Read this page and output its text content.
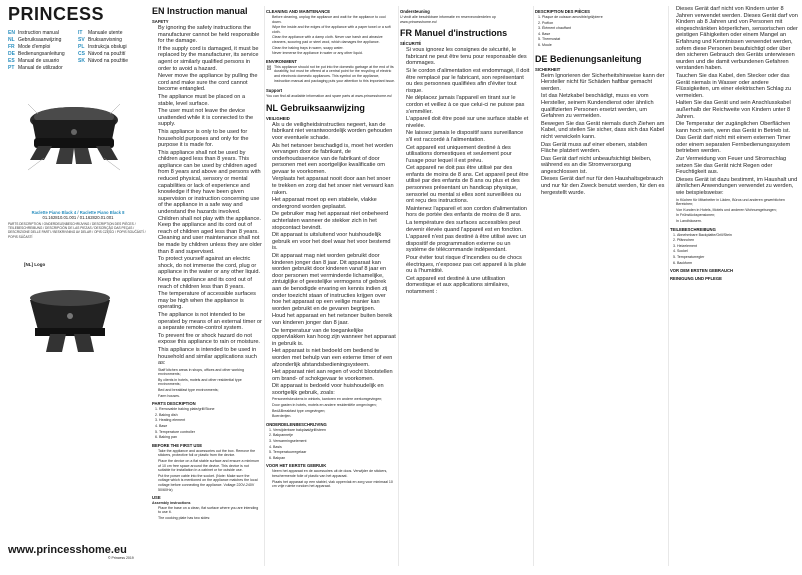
PRINCESS
EN Instruction manual	IT Manuale utente
NL Gebruiksaanwijzing	SV Bruksanvisning
FR Mode d'emploi	PL Instrukcja obsługi
DE Bedienungsanleitung	CS Návod na použití
ES Manual de usuario	SK Návod na použitie
PT Manual de utilizador
Raclette Piano Black 4 / Raclette Piano Black 8
01.162810.01.001 / 01.162820.01.001
PARTS DESCRIPTION / ONDERDELENBESCHRIJVING / DESCRIPTION DES PIÈCES / TEILEBESCHREIBUNG / DESCRIPCIÓN DE LAS PIEZAS / DESCRIÇÃO DAS PEÇAS / DESCRIZIONE DELLE PARTI / BESKRIVNING AV DELAR / OPIS CZĘŚCI / POPIS SOUČÁSTÍ / POPIS SÚČASTÍ
[NL] Logo
www.princesshome.eu
© Princess 2019
EN Instruction manual
SAFETY
• By ignoring the safety instructions the manufacturer cannot be held responsible for the damage.
• If the supply cord is damaged, it must be replaced by the manufacturer, its service agent or similarly qualified persons in order to avoid a hazard.
• Never move the appliance by pulling the cord and make sure the cord cannot become entangled.
• The appliance must be placed on a stable, level surface.
• The user must not leave the device unattended while it is connected to the supply.
• This appliance is only to be used for household purposes and only for the purpose it is made for.
• This appliance shall not be used by children aged less than 8 years. This appliance can be used by children aged from 8 years and above and persons with reduced physical, sensory or mental capabilities or lack of experience and knowledge if they have been given supervision or instruction concerning use of the appliance in a safe way and understand the hazards involved. Children shall not play with the appliance. Keep the appliance and its cord out of reach of children aged less than 8 years. Cleaning and user maintenance shall not be made by children unless they are older than 8 and supervised.
• To protect yourself against an electric shock, do not immerse the cord, plug or appliance in the water or any other liquid.
• Keep the appliance and its cord out of reach of children less than 8 years.
• The temperature of accessible surfaces may be high when the appliance is operating.
• The appliance is not intended to be operated by means of an external timer or a separate remote-control system.
• To prevent fire or shock hazard do not expose this appliance to rain or moisture.
• This appliance is intended to be used in household and similar applications such as:
• Staff kitchen areas in shops, offices and other working environments;
• By clients in hotels, motels and other residential type environments;
• Bed and breakfast type environments;
• Farm houses.
PARTS DESCRIPTION
1. Removable baking plate/grill/Stone
2. Baking dish
3. Heating element
4. Base
5. Temperature controller
6. Baking pan
BEFORE THE FIRST USE
• Take the appliance and accessories out the box. Remove the stickers, protective foil or plastic from the device.
• Place the device on a flat stable surface and ensure a minimum of 10 cm free space around the device. This device is not suitable for installation in a cabinet or for outside use.
• Put the power cable into the socket. (Note: Make sure the voltage which is mentioned on the appliance matches the local voltage before connecting the appliance. Voltage 220V-240V 50/60Hz)
USE
Assembly instructions
• Place the base on a clean, flat surface where you are intending to use it.
• The cooking plate has two sides:
CLEANING AND MAINTENANCE
• Before cleaning, unplug the appliance and wait for the appliance to cool down.
• Wipe the inside and the edges of the appliance with a paper towel or a soft cloth.
• Clean the appliance with a damp cloth. Never use harsh and abrasive cleaners, scouring pad or steel wool, which damages the appliance.
• Clean the baking trays in warm, soapy water.
• Never immerse the appliance in water or any other liquid.
ENVIRONMENT

This appliance should not be put into the domestic garbage at the end of its durability, but must be offered at a central point for the recycling of electric and electronic domestic appliances. This symbol on the appliance, instruction manual and packaging puts your attention to this important issue.

Support

You can find all available information and spare parts at www.princesshome.eu!

NL Gebruiksaanwijzing
VEILIGHEID
• Als u de veiligheidsinstructies negeert, kan de fabrikant niet verantwoordelijk worden gehouden voor eventuele schade.
• Als het netsnoer beschadigd is, moet het worden vervangen door de fabrikant, de onderhoudsservice van de fabrikant of door personen met een soortgelijke kwalificatie om gevaar te voorkomen.
• Verplaats het apparaat nooit door aan het snoer te trekken en zorg dat het snoer niet verward kan raken.
• Het apparaat moet op een stabiele, vlakke ondergrond worden geplaatst.
• De gebruiker mag het apparaat niet onbeheerd achterlaten wanneer de stekker zich in het stopcontact bevindt.
• Dit apparaat is uitsluitend voor huishoudelijk gebruik en voor het doel waar het voor bestemd is.
• Dit apparaat mag niet worden gebruikt door kinderen jonger dan 8 jaar. Dit apparaat kan worden gebruikt door kinderen vanaf 8 jaar en door personen met verminderde lichamelijke, zintuiglijke of geestelijke vermogens of gebrek aan de benodigde ervaring en kennis indien zij onder toezicht staan of instructies krijgen over hoe het apparaat op een veilige manier kan worden gebruikt en de gevaren begrijpen.
• Houd het apparaat en het netsnoer buiten bereik van kinderen jonger dan 8 jaar.
• De temperatuur van de toegankelijke oppervlakken kan hoog zijn wanneer het apparaat in gebruik is.
• Het apparaat is niet bedoeld om bediend te worden met behulp van een externe timer of een afzonderlijk afstandsbedieningsysteem.
• Het apparaat niet aan regen of vocht blootstellen om brand- of schokgevaar te voorkomen.
• Dit apparaat is bedoeld voor huishoudelijk en soortgelijk gebruik, zoals:
• Personeelskeukens in winkels, kantoren en andere werkomgevingen;
• Door gasten in hotels, motels en andere residentiële omgevingen;
• Bed&Breakfast type omgevingen;
• Boerderijen.
ONDERDELENBESCHRIJVING
1. Verwijderbare bakplaat/grill/steen
2. Bakpannetje
3. Verwarmingselement
4. Basis
5. Temperatuurregelaar
6. Bakpan
VOOR HET EERSTE GEBRUIK
• Neem het apparaat en de accessoires uit de doos. Verwijder de stickers, beschermende folie of plastic van het apparaat.
• Plaats het apparaat op een stabiel, vlak oppervlak en zorg voor minimaal 10 cm vrije ruimte rondom het apparaat.
Ondersteuning

U vindt alle beschikbare informatie en reserveonderdelen op www.princesshome.eu!

FR Manuel d'instructions
SÉCURITÉ
• Si vous ignorez les consignes de sécurité, le fabricant ne peut être tenu pour responsable des dommages.
• Si le cordon d'alimentation est endommagé, il doit être remplacé par le fabricant, son représentant ou des personnes qualifiées afin d'éviter tout risque.
• Ne déplacez jamais l'appareil en tirant sur le cordon et veillez à ce que celui-ci ne puisse pas s'emmêler.
• L'appareil doit être posé sur une surface stable et nivelée.
• Ne laissez jamais le dispositif sans surveillance s'il est raccordé à l'alimentation.
• Cet appareil est uniquement destiné à des utilisations domestiques et seulement pour l'usage pour lequel il est prévu.
• Cet appareil ne doit pas être utilisé par des enfants de moins de 8 ans. Cet appareil peut être utilisé par des enfants de 8 ans ou plus et des personnes présentant un handicap physique, sensoriel ou mental si elles sont surveillées ou ont reçu des instructions.
• Maintenez l'appareil et son cordon d'alimentation hors de portée des enfants de moins de 8 ans.
• La température des surfaces accessibles peut devenir élevée quand l'appareil est en fonction.
• L'appareil n'est pas destiné à être utilisé avec un dispositif de programmation externe ou un système de télécommande indépendant.
• Pour éviter tout risque d'incendies ou de chocs électriques, n'exposez pas cet appareil à la pluie ou à l'humidité.
• Cet appareil est destiné à une utilisation domestique et aux applications similaires, notamment :
DESCRIPTION DES PIÈCES
1. Plaque de cuisson amovible/gril/pierre
2. Poêlon
3. Élément chauffant
4. Base
5. Thermostat
6. Moule
DE Bedienungsanleitung
SICHERHEIT
• Beim Ignorieren der Sicherheitshinweise kann der Hersteller nicht für Schäden haftbar gemacht werden.
• Ist das Netzkabel beschädigt, muss es vom Hersteller, seinem Kundendienst oder ähnlich qualifizierten Personen ersetzt werden, um Gefahren zu vermeiden.
• Bewegen Sie das Gerät niemals durch Ziehen am Kabel, und stellen Sie sicher, dass sich das Kabel nicht verwickeln kann.
• Das Gerät muss auf einer ebenen, stabilen Fläche platziert werden.
• Das Gerät darf nicht unbeaufsichtigt bleiben, während es an die Stromversorgung angeschlossen ist.
• Dieses Gerät darf nur für den Haushaltsgebrauch und nur für den Zweck benutzt werden, für den es hergestellt wurde.
• Dieses Gerät darf nicht von Kindern unter 8 Jahren verwendet werden. Dieses Gerät darf von Kindern ab 8 Jahren und von Personen mit eingeschränkten körperlichen, sensorischen oder geistigen Fähigkeiten oder einem Mangel an Erfahrung und Kenntnissen verwendet werden, sofern diese Personen beaufsichtigt oder über den sicheren Gebrauch des Geräts unterwiesen wurden und die damit verbundenen Gefahren verstanden haben.
• Tauchen Sie das Kabel, den Stecker oder das Gerät niemals in Wasser oder andere Flüssigkeiten, um einer elektrischen Schlag zu vermeiden.
• Halten Sie das Gerät und sein Anschlusskabel außerhalb der Reichweite von Kindern unter 8 Jahren.
• Die Temperatur der zugänglichen Oberflächen kann hoch sein, wenn das Gerät in Betrieb ist.
• Das Gerät darf nicht mit einem externen Timer oder einem separaten Fernbedienungssystem betrieben werden.
• Zur Vermeidung von Feuer und Stromschlag setzen Sie das Gerät nicht Regen oder Feuchtigkeit aus.
• Dieses Gerät ist dazu bestimmt, im Haushalt und ähnlichen Anwendungen verwendet zu werden, wie beispielsweise:
• In Küchen für Mitarbeiter in Läden, Büros und anderen gewerblichen Bereichen;
• Von Kunden in Hotels, Motels und anderen Wohnumgebungen;
• In Frühstückspensionen;
• In Landhäusern.
TEILEBESCHREIBUNG
1. Abnehmbare Backplatte/Grill/Stein
2. Pfännchen
3. Heizelement
4. Sockel
5. Temperaturregler
6. Backform
VOR DEM ERSTEN GEBRAUCH
REINIGUNG UND PFLEGE
